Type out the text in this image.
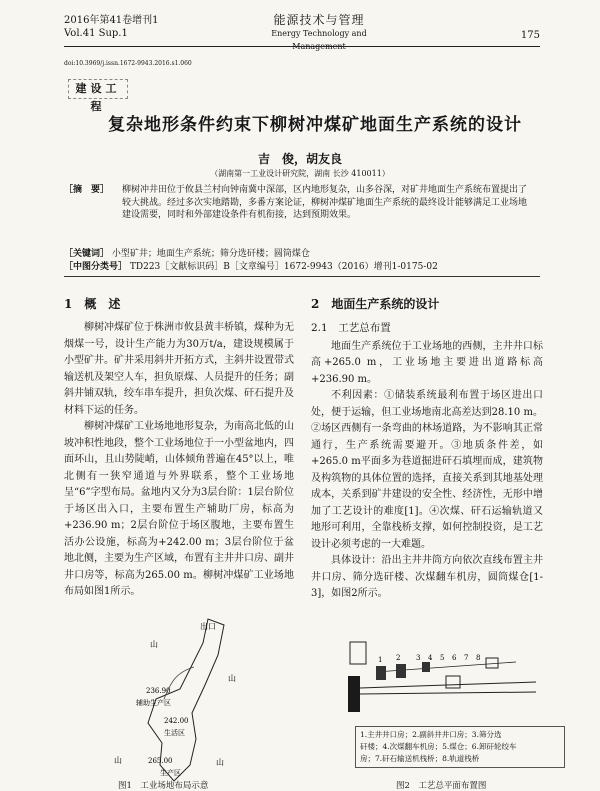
2016年第41卷增刊1
Vol.41 Sup.1
能源技术与管理
Energy Technology and Management
175
doi:10.3969/j.issn.1672-9943.2016.s1.060
建设工程
复杂地形条件约束下柳树冲煤矿地面生产系统的设计
吉　俊，胡友良
（湖南第一工业设计研究院，湖南 长沙 410011）
［摘　要］	柳树冲井田位于攸县兰村向钟南冀中深部，区内地形复杂，山多谷深，对矿井地面生产系统布置提出了较大挑战。经过多次实地踏勘，多番方案论证，柳树冲煤矿地面生产系统的最终设计能够满足工业场地建设需要，同时和外部建设条件有机衔接，达到预期效果。
［关键词］ 小型矿井；地面生产系统；筛分选矸楼；圆筒煤仓
［中图分类号］ TD223［文献标识码］B［文章编号］1672-9943（2016）增刊1-0175-02
1　概　述

柳树冲煤矿位于株洲市攸县黄丰桥镇，煤种为无烟煤一号，设计生产能力为30万t/a，建设规模属于小型矿井。矿井采用斜井开拓方式，主斜井设置带式输送机及架空人车，担负原煤、人员提升的任务；副斜井铺双轨，绞车串车提升，担负次煤、矸石提升及材料下运的任务。

柳树冲煤矿工业场地地形复杂，为南高北低的山坡冲积性地段，整个工业场地位于一小型盆地内，四面环山，且山势陡峭，山体倾角普遍在45°以上，唯北侧有一狭窄通道与外界联系，整个工业场地呈“6”字型布局。盆地内又分为3层台阶：1层台阶位于场区出入口，主要布置生产辅助厂房，标高为+236.90 m；2层台阶位于场区腹地，主要布置生活办公设施，标高为+242.00 m；3层台阶位于盆地北侧，主要为生产区域，布置有主井井口房、副井井口房等，标高为265.00 m。柳树冲煤矿工业场地布局如图1所示。

2　地面生产系统的设计
2.1　工艺总布置

地面生产系统位于工业场地的西侧，主井井口标高+265.0 m，工业场地主要进出道路标高+236.90 m。

不利因素：①储装系统最利布置于场区进出口处，便于运输，但工业场地南北高差达到28.10 m。②场区西侧有一条弯曲的林场道路，为不影响其正常通行，生产系统需要避开。③地质条件差，如+265.0 m平面多为巷道掘进矸石填埋而成，建筑物及构筑物的具体位置的选择，直接关系到其地基处理成本，关系到矿井建设的安全性、经济性，无形中增加了工艺设计的难度[1]。④次煤、矸石运输轨道又地形可利用，全靠栈桥支撑，如何控制投资，是工艺设计必须考虑的一大难题。

具体设计：沿出主井井筒方向依次直线布置主井井口房、筛分选矸楼、次煤翻车机房，圆筒煤仓[1-3]，如图2所示。

出口
山
山
236.90
辅助生产区
242.00
生活区
265.00
生产区
山	山
图1　工业场地布局示意
1 2 3 4 5 6 7 8
1.主井井口房；2.副斜井井口房；3.筛分选
矸楼；4.次煤翻车机房；5.煤仓；6.卸矸轮绞车
房；7.矸石输送机栈桥；8.轨道栈桥
图2　工艺总平面布置图
